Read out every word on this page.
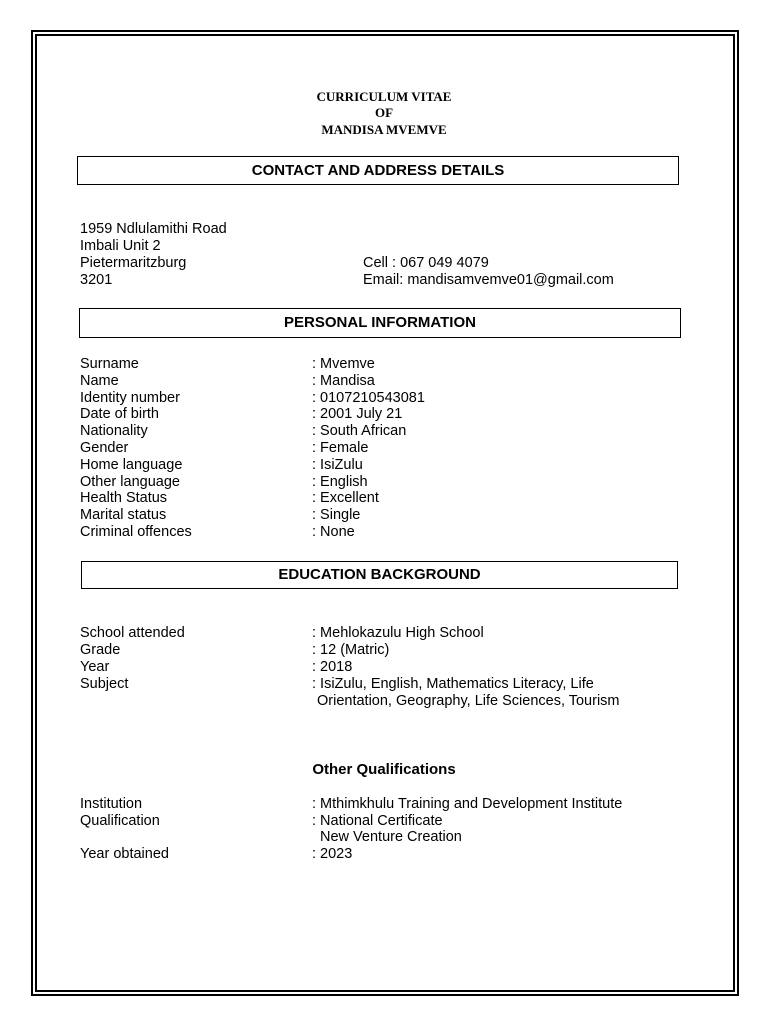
CURRICULUM VITAE
OF
MANDISA MVEMVE
CONTACT AND ADDRESS DETAILS
1959 Ndlulamithi Road
Imbali Unit 2
Pietermaritzburg
3201
Cell : 067 049 4079
Email: mandisamvemve01@gmail.com
PERSONAL INFORMATION
Surname	: Mvemve
Name	: Mandisa
Identity number	: 0107210543081
Date of birth	: 2001 July 21
Nationality	: South African
Gender	: Female
Home language	: IsiZulu
Other language	: English
Health Status	: Excellent
Marital status	: Single
Criminal offences	: None
EDUCATION BACKGROUND
School attended	: Mehlokazulu High School
Grade	: 12 (Matric)
Year	: 2018
Subject	: IsiZulu, English, Mathematics Literacy, Life
Orientation, Geography, Life Sciences, Tourism
Other Qualifications
Institution	: Mthimkhulu Training and Development Institute
Qualification	: National Certificate
New Venture Creation
Year obtained	: 2023
